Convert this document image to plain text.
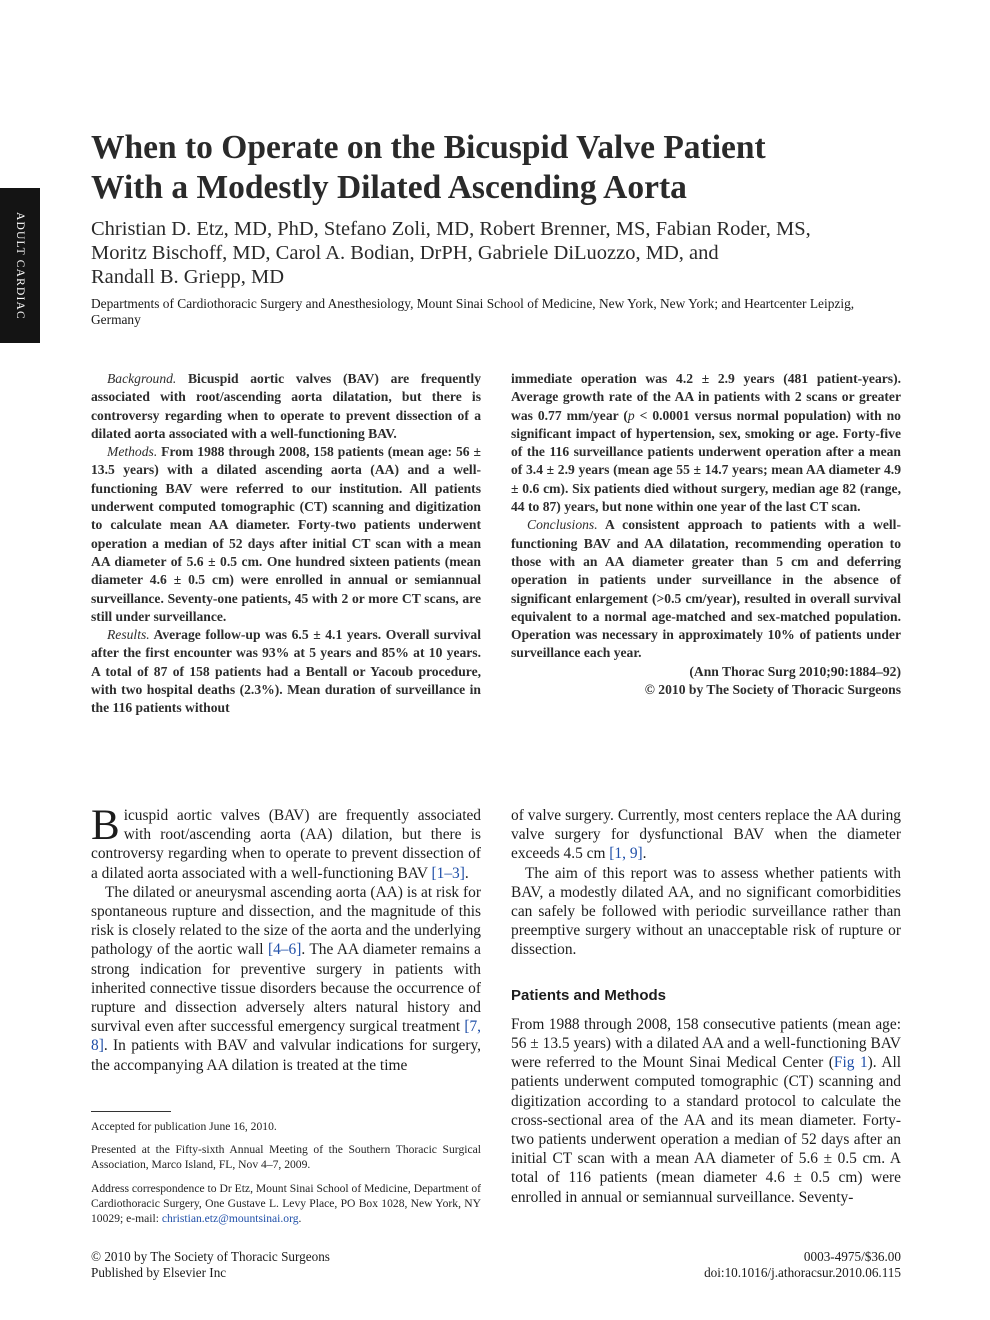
ADULT CARDIAC
When to Operate on the Bicuspid Valve Patient
With a Modestly Dilated Ascending Aorta
Christian D. Etz, MD, PhD, Stefano Zoli, MD, Robert Brenner, MS, Fabian Roder, MS,
Moritz Bischoff, MD, Carol A. Bodian, DrPH, Gabriele DiLuozzo, MD, and
Randall B. Griepp, MD
Departments of Cardiothoracic Surgery and Anesthesiology, Mount Sinai School of Medicine, New York, New York; and Heartcenter Leipzig, Germany

Background. Bicuspid aortic valves (BAV) are frequently associated with root/ascending aorta dilatation, but there is controversy regarding when to operate to prevent dissection of a dilated aorta associated with a well-functioning BAV.

Methods. From 1988 through 2008, 158 patients (mean age: 56 ± 13.5 years) with a dilated ascending aorta (AA) and a well-functioning BAV were referred to our institution. All patients underwent computed tomographic (CT) scanning and digitization to calculate mean AA diameter. Forty-two patients underwent operation a median of 52 days after initial CT scan with a mean AA diameter of 5.6 ± 0.5 cm. One hundred sixteen patients (mean diameter 4.6 ± 0.5 cm) were enrolled in annual or semiannual surveillance. Seventy-one patients, 45 with 2 or more CT scans, are still under surveillance.

Results. Average follow-up was 6.5 ± 4.1 years. Overall survival after the first encounter was 93% at 5 years and 85% at 10 years. A total of 87 of 158 patients had a Bentall or Yacoub procedure, with two hospital deaths (2.3%). Mean duration of surveillance in the 116 patients without

immediate operation was 4.2 ± 2.9 years (481 patient-years). Average growth rate of the AA in patients with 2 scans or greater was 0.77 mm/year (p < 0.0001 versus normal population) with no significant impact of hypertension, sex, smoking or age. Forty-five of the 116 surveillance patients underwent operation after a mean of 3.4 ± 2.9 years (mean age 55 ± 14.7 years; mean AA diameter 4.9 ± 0.6 cm). Six patients died without surgery, median age 82 (range, 44 to 87) years, but none within one year of the last CT scan.

Conclusions. A consistent approach to patients with a well-functioning BAV and AA dilatation, recommending operation to those with an AA diameter greater than 5 cm and deferring operation in patients under surveillance in the absence of significant enlargement (>0.5 cm/year), resulted in overall survival equivalent to a normal age-matched and sex-matched population. Operation was necessary in approximately 10% of patients under surveillance each year.

(Ann Thorac Surg 2010;90:1884–92)

© 2010 by The Society of Thoracic Surgeons

Bicuspid aortic valves (BAV) are frequently associated with root/ascending aorta (AA) dilation, but there is controversy regarding when to operate to prevent dissection of a dilated aorta associated with a well-functioning BAV [1–3].

The dilated or aneurysmal ascending aorta (AA) is at risk for spontaneous rupture and dissection, and the magnitude of this risk is closely related to the size of the aorta and the underlying pathology of the aortic wall [4–6]. The AA diameter remains a strong indication for preventive surgery in patients with inherited connective tissue disorders because the occurrence of rupture and dissection adversely alters natural history and survival even after successful emergency surgical treatment [7, 8]. In patients with BAV and valvular indications for surgery, the accompanying AA dilation is treated at the time

of valve surgery. Currently, most centers replace the AA during valve surgery for dysfunctional BAV when the diameter exceeds 4.5 cm [1, 9].

The aim of this report was to assess whether patients with BAV, a modestly dilated AA, and no significant comorbidities can safely be followed with periodic surveillance rather than preemptive surgery without an unacceptable risk of rupture or dissection.

Patients and Methods

From 1988 through 2008, 158 consecutive patients (mean age: 56 ± 13.5 years) with a dilated AA and a well-functioning BAV were referred to the Mount Sinai Medical Center (Fig 1). All patients underwent computed tomographic (CT) scanning and digitization according to a standard protocol to calculate the cross-sectional area of the AA and its mean diameter. Forty-two patients underwent operation a median of 52 days after an initial CT scan with a mean AA diameter of 5.6 ± 0.5 cm. A total of 116 patients (mean diameter 4.6 ± 0.5 cm) were enrolled in annual or semiannual surveillance. Seventy-

Accepted for publication June 16, 2010.

Presented at the Fifty-sixth Annual Meeting of the Southern Thoracic Surgical Association, Marco Island, FL, Nov 4–7, 2009.

Address correspondence to Dr Etz, Mount Sinai School of Medicine, Department of Cardiothoracic Surgery, One Gustave L. Levy Place, PO Box 1028, New York, NY 10029; e-mail: christian.etz@mountsinai.org.

© 2010 by The Society of Thoracic Surgeons
Published by Elsevier Inc
0003-4975/$36.00
doi:10.1016/j.athoracsur.2010.06.115
